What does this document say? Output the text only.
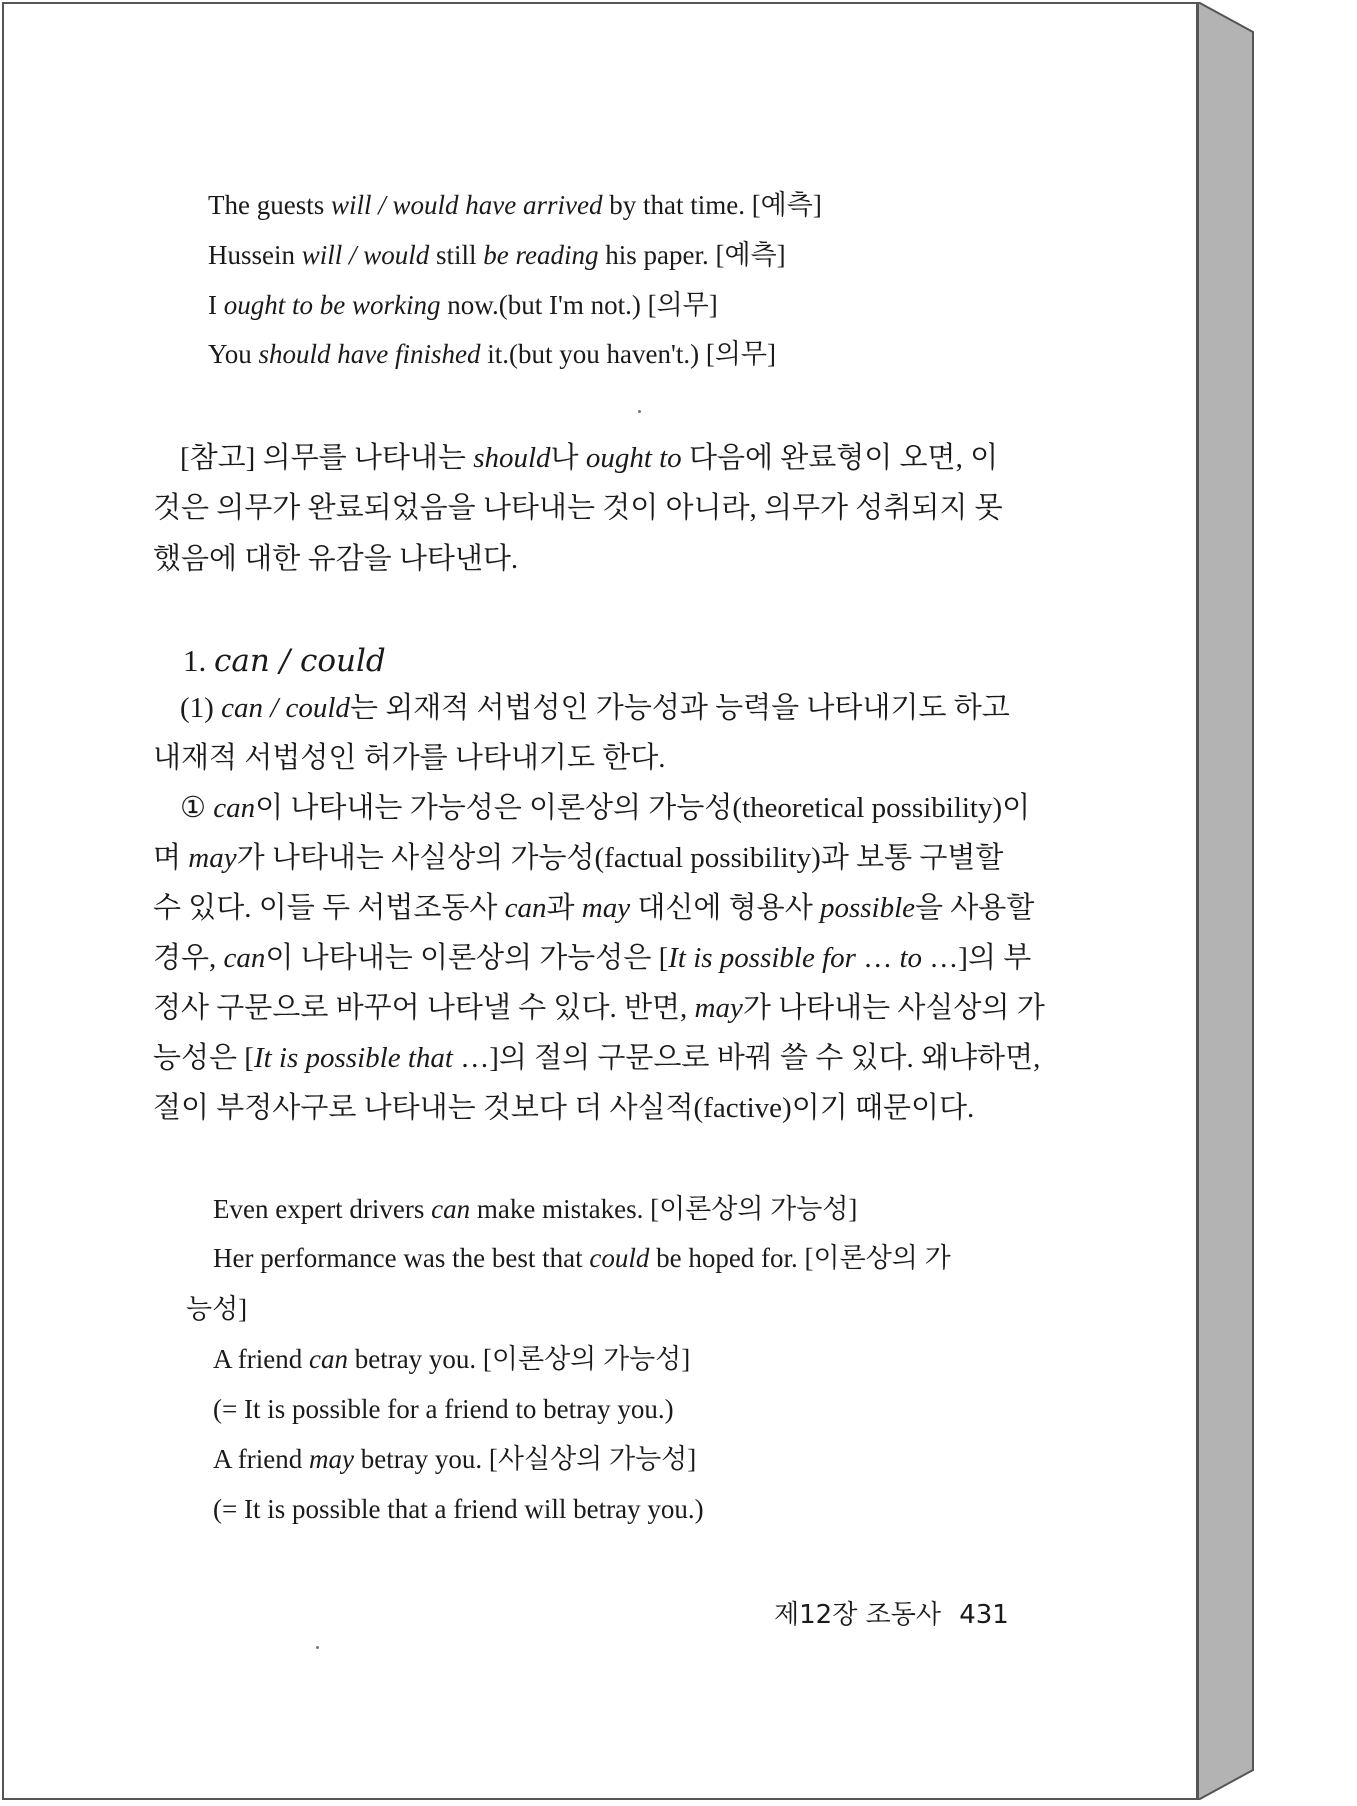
The guests will / would have arrived by that time. [예측]
Hussein will / would still be reading his paper. [예측]
I ought to be working now.(but I'm not.) [의무]
You should have finished it.(but you haven't.) [의무]
[참고] 의무를 나타내는 should나 ought to 다음에 완료형이 오면, 이
것은 의무가 완료되었음을 나타내는 것이 아니라, 의무가 성취되지 못
했음에 대한 유감을 나타낸다.
1. can / could
(1) can / could는 외재적 서법성인 가능성과 능력을 나타내기도 하고
내재적 서법성인 허가를 나타내기도 한다.
① can이 나타내는 가능성은 이론상의 가능성(theoretical possibility)이
며 may가 나타내는 사실상의 가능성(factual possibility)과 보통 구별할
수 있다. 이들 두 서법조동사 can과 may 대신에 형용사 possible을 사용할
경우, can이 나타내는 이론상의 가능성은 [It is possible for … to …]의 부
정사 구문으로 바꾸어 나타낼 수 있다. 반면, may가 나타내는 사실상의 가
능성은 [It is possible that …]의 절의 구문으로 바꿔 쓸 수 있다. 왜냐하면,
절이 부정사구로 나타내는 것보다 더 사실적(factive)이기 때문이다.
Even expert drivers can make mistakes. [이론상의 가능성]
Her performance was the best that could be hoped for. [이론상의 가
능성]
A friend can betray you. [이론상의 가능성]
(= It is possible for a friend to betray you.)
A friend may betray you. [사실상의 가능성]
(= It is possible that a friend will betray you.)
제12장 조동사 431
